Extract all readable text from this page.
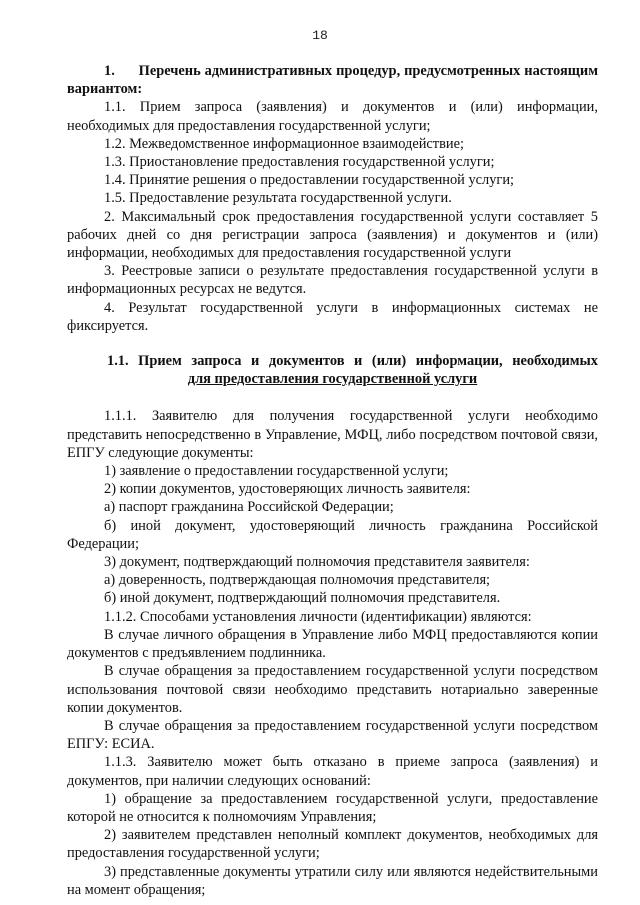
18

1. Перечень административных процедур, предусмотренных настоящим вариантом:

1.1. Прием запроса (заявления) и документов и (или) информации, необходимых для предоставления государственной услуги;

1.2. Межведомственное информационное взаимодействие;

1.3. Приостановление предоставления государственной услуги;

1.4. Принятие решения о предоставлении государственной услуги;

1.5. Предоставление результата государственной услуги.

2. Максимальный срок предоставления государственной услуги составляет 5 рабочих дней со дня регистрации запроса (заявления) и документов и (или) информации, необходимых для предоставления государственной услуги

3. Реестровые записи о результате предоставления государственной услуги в информационных ресурсах не ведутся.

4. Результат государственной услуги в информационных системах не фиксируется.

1.1. Прием запроса и документов и (или) информации, необходимых

для предоставления государственной услуги

1.1.1. Заявителю для получения государственной услуги необходимо представить непосредственно в Управление, МФЦ, либо посредством почтовой связи, ЕПГУ следующие документы:

1) заявление о предоставлении государственной услуги;

2) копии документов, удостоверяющих личность заявителя:

а) паспорт гражданина Российской Федерации;

б) иной документ, удостоверяющий личность гражданина Российской Федерации;

3) документ, подтверждающий полномочия представителя заявителя:

а) доверенность, подтверждающая полномочия представителя;

б) иной документ, подтверждающий полномочия представителя.

1.1.2. Способами установления личности (идентификации) являются:

В случае личного обращения в Управление либо МФЦ предоставляются копии документов с предъявлением подлинника.

В случае обращения за предоставлением государственной услуги посредством использования почтовой связи необходимо представить нотариально заверенные копии документов.

В случае обращения за предоставлением государственной услуги посредством ЕПГУ: ЕСИА.

1.1.3. Заявителю может быть отказано в приеме запроса (заявления) и документов, при наличии следующих оснований:

1) обращение за предоставлением государственной услуги, предоставление которой не относится к полномочиям Управления;

2) заявителем представлен неполный комплект документов, необходимых для предоставления государственной услуги;

3) представленные документы утратили силу или являются недействительными на момент обращения;
